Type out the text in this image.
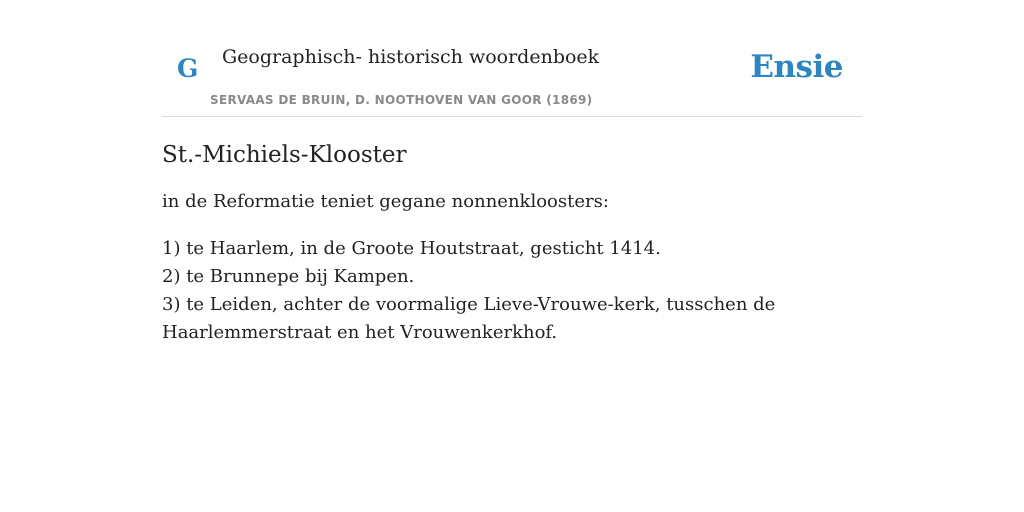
G Geographisch- historisch woordenboek
SERVAAS DE BRUIN, D. NOOTHOVEN VAN GOOR (1869)
Ensie
St.-Michiels-Klooster

in de Reformatie teniet gegane nonnenkloosters:

1) te Haarlem, in de Groote Houtstraat, gesticht 1414.
2) te Brunnepe bij Kampen.
3) te Leiden, achter de voormalige Lieve-Vrouwe-kerk, tusschen de Haarlemmerstraat en het Vrouwenkerkhof.
